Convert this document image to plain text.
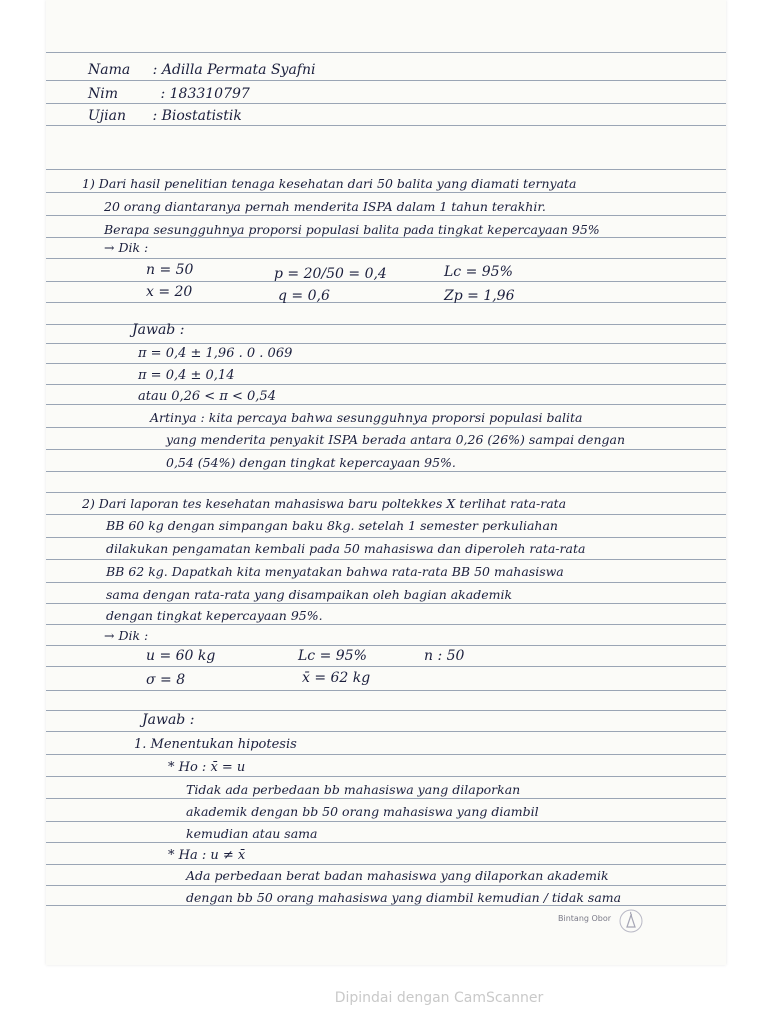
Nama : Adilla Permata Syafni
Nim	: 183310797
Ujian : Biostatistik
1) Dari hasil penelitian tenaga kesehatan dari 50 balita yang diamati ternyata
20 orang diantaranya pernah menderita ISPA dalam 1 tahun terakhir.
Berapa sesungguhnya proporsi populasi balita pada tingkat kepercayaan 95%
→ Dik :
n = 50	p = 20/50 = 0,4	Lc = 95%
x = 20	q = 0,6	Zp = 1,96
Jawab :
π = 0,4 ± 1,96 . 0 . 069
π = 0,4 ± 0,14
atau 0,26 < π < 0,54
Artinya : kita percaya bahwa sesungguhnya proporsi populasi balita
yang menderita penyakit ISPA berada antara 0,26 (26%) sampai dengan
0,54 (54%) dengan tingkat kepercayaan 95%.
2) Dari laporan tes kesehatan mahasiswa baru poltekkes X terlihat rata-rata
BB 60 kg dengan simpangan baku 8kg. setelah 1 semester perkuliahan
dilakukan pengamatan kembali pada 50 mahasiswa dan diperoleh rata-rata
BB 62 kg. Dapatkah kita menyatakan bahwa rata-rata BB 50 mahasiswa
sama dengan rata-rata yang disampaikan oleh bagian akademik
dengan tingkat kepercayaan 95%.
→ Dik :
u = 60 kg	Lc = 95%	n : 50
σ = 8	x̄ = 62 kg
Jawab :
1. Menentukan hipotesis
* Ho : x̄ = u
Tidak ada perbedaan bb mahasiswa yang dilaporkan
akademik dengan bb 50 orang mahasiswa yang diambil
kemudian atau sama
* Ha : u ≠ x̄
Ada perbedaan berat badan mahasiswa yang dilaporkan akademik
dengan bb 50 orang mahasiswa yang diambil kemudian / tidak sama
Bintang Obor
Dipindai dengan CamScanner
